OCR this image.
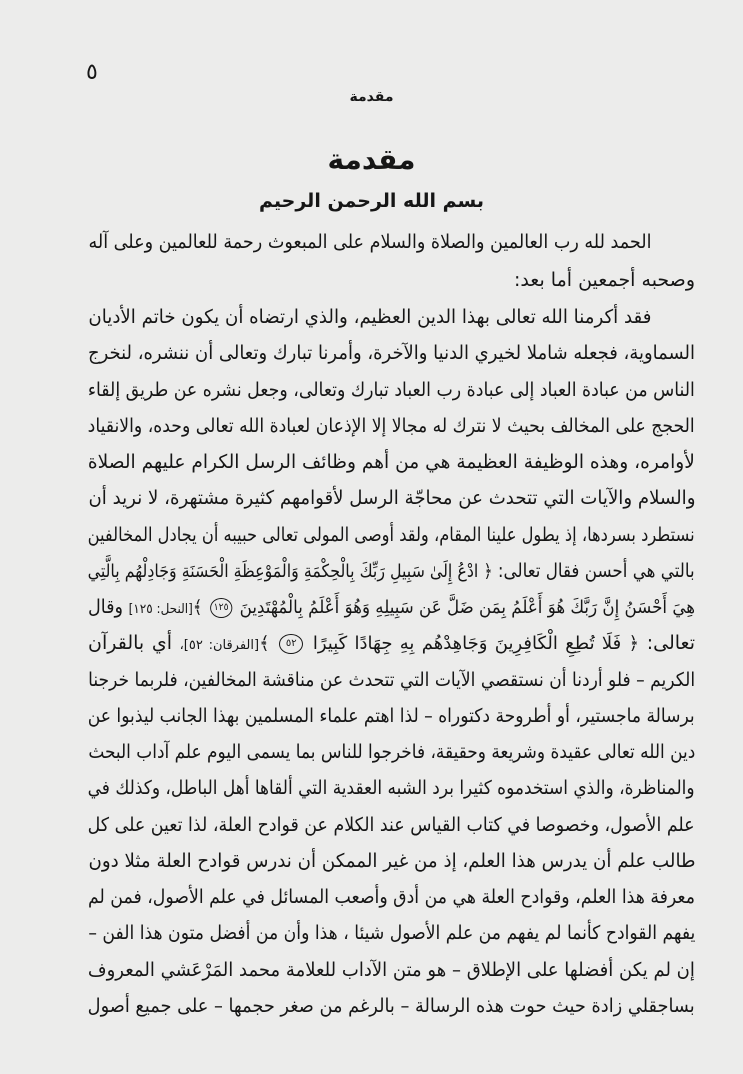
٥
مقدمة
مقدمة
بسم الله الرحمن الرحيم
الحمد لله رب العالمين والصلاة والسلام على المبعوث رحمة للعالمين وعلى آله
وصحبه أجمعين أما بعد:
فقد أكرمنا الله تعالى بهذا الدين العظيم، والذي ارتضاه أن يكون خاتم الأديان
السماوية، فجعله شاملا لخيري الدنيا والآخرة، وأمرنا تبارك وتعالى أن ننشره، لنخرج
الناس من عبادة العباد إلى عبادة رب العباد تبارك وتعالى، وجعل نشره عن طريق إلقاء
الحجج على المخالف بحيث لا نترك له مجالا إلا الإذعان لعبادة الله تعالى وحده، والانقياد
لأوامره، وهذه الوظيفة العظيمة هي من أهم وظائف الرسل الكرام عليهم الصلاة
والسلام والآيات التي تتحدث عن محاجّة الرسل لأقوامهم كثيرة مشتهرة، لا نريد أن
نستطرد بسردها، إذ يطول علينا المقام، ولقد أوصى المولى تعالى حبيبه أن يجادل المخالفين
بالتي هي أحسن فقال تعالى: ﴿ ادْعُ إِلَىٰ سَبِيلِ رَبِّكَ بِالْحِكْمَةِ وَالْمَوْعِظَةِ الْحَسَنَةِ وَجَادِلْهُم بِالَّتِي
هِيَ أَحْسَنُ إِنَّ رَبَّكَ هُوَ أَعْلَمُ بِمَن ضَلَّ عَن سَبِيلِهِ وَهُوَ أَعْلَمُ بِالْمُهْتَدِينَ ١٢٥ ﴾[النحل: ١٢٥] وقال
تعالى: ﴿ فَلَا تُطِعِ الْكَافِرِينَ وَجَاهِدْهُم بِهِ جِهَادًا كَبِيرًا ٥٢ ﴾[الفرقان: ٥٢]، أي بالقرآن
الكريم – فلو أردنا أن نستقصي الآيات التي تتحدث عن مناقشة المخالفين، فلربما خرجنا
برسالة ماجستير، أو أطروحة دكتوراه – لذا اهتم علماء المسلمين بهذا الجانب ليذبوا عن
دين الله تعالى عقيدة وشريعة وحقيقة، فاخرجوا للناس بما يسمى اليوم علم آداب البحث
والمناظرة، والذي استخدموه كثيرا برد الشبه العقدية التي ألقاها أهل الباطل، وكذلك في
علم الأصول، وخصوصا في كتاب القياس عند الكلام عن قوادح العلة، لذا تعين على كل
طالب علم أن يدرس هذا العلم، إذ من غير الممكن أن ندرس قوادح العلة مثلا دون
معرفة هذا العلم، وقوادح العلة هي من أدق وأصعب المسائل في علم الأصول، فمن لم
يفهم القوادح كأنما لم يفهم من علم الأصول شيئا ، هذا وأن من أفضل متون هذا الفن –
إن لم يكن أفضلها على الإطلاق – هو متن الآداب للعلامة محمد المَرْعَشي المعروف
بساجقلي زادة حيث حوت هذه الرسالة – بالرغم من صغر حجمها – على جميع أصول
